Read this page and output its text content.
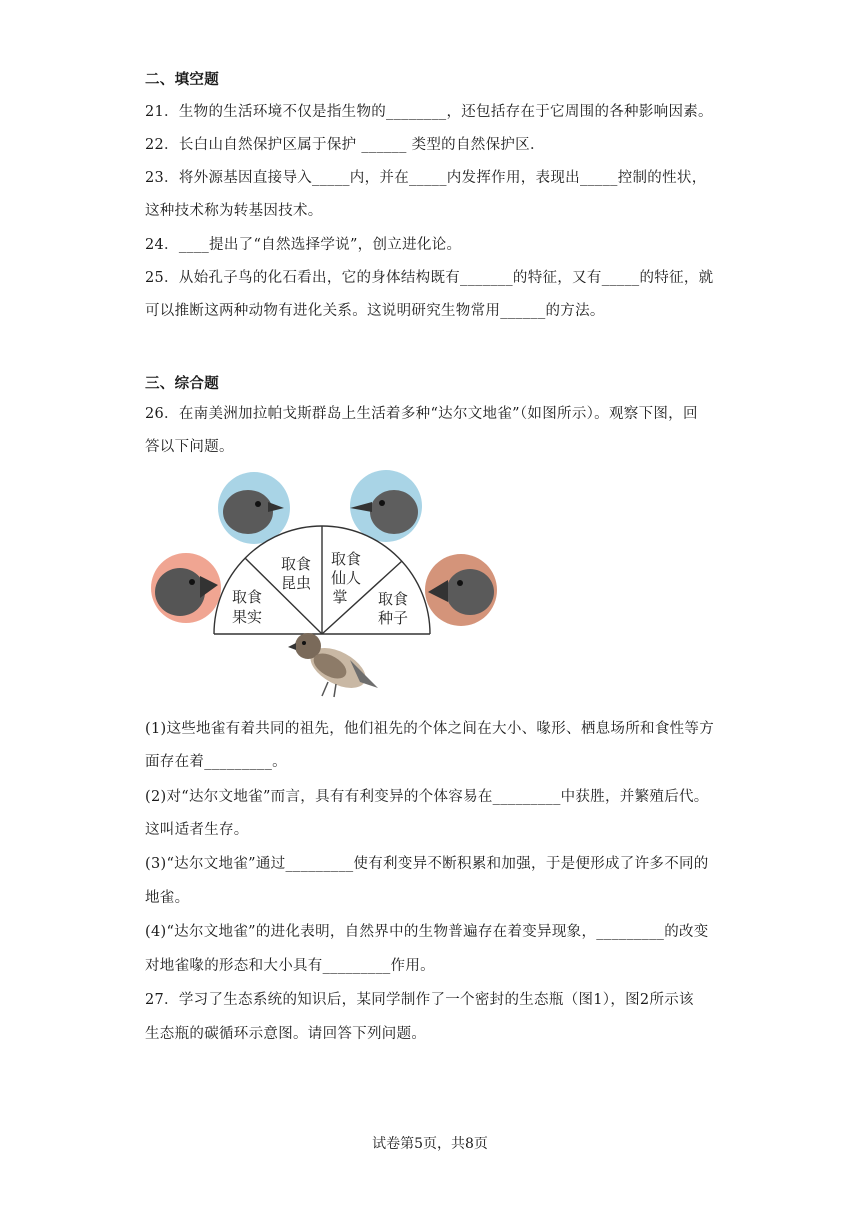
二、填空题
21．生物的生活环境不仅是指生物的________，还包括存在于它周围的各种影响因素。
22．长白山自然保护区属于保护 ______ 类型的自然保护区．
23．将外源基因直接导入_____内，并在_____内发挥作用，表现出_____控制的性状，
这种技术称为转基因技术。
24．____提出了“自然选择学说”，创立进化论。
25．从始孔子鸟的化石看出，它的身体结构既有_______的特征，又有_____的特征，就
可以推断这两种动物有进化关系。这说明研究生物常用______的方法。
三、综合题
26．在南美洲加拉帕戈斯群岛上生活着多种“达尔文地雀”（如图所示）。观察下图，回
答以下问题。
取食
果实
取食
昆虫
取食
仙人
掌 取食
种子
(1)这些地雀有着共同的祖先，他们祖先的个体之间在大小、喙形、栖息场所和食性等方
面存在着_________。
(2)对“达尔文地雀”而言，具有有利变异的个体容易在_________中获胜，并繁殖后代。
这叫适者生存。
(3)“达尔文地雀”通过_________使有利变异不断积累和加强，于是便形成了许多不同的
地雀。
(4)“达尔文地雀”的进化表明，自然界中的生物普遍存在着变异现象，_________的改变
对地雀喙的形态和大小具有_________作用。
27．学习了生态系统的知识后，某同学制作了一个密封的生态瓶（图1），图2所示该
生态瓶的碳循环示意图。请回答下列问题。
试卷第5页，共8页
